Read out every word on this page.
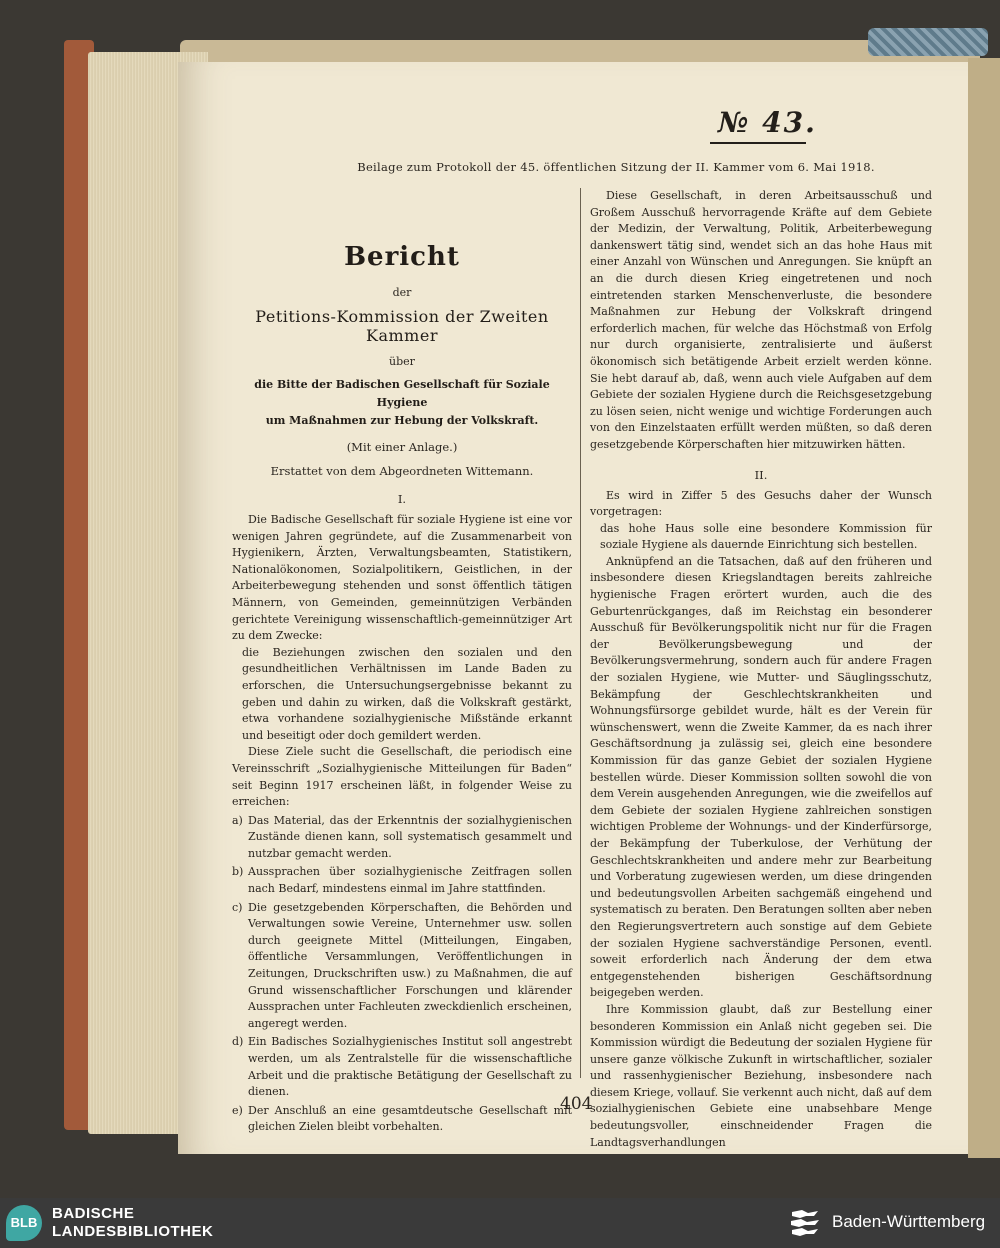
№ 43.
Beilage zum Protokoll der 45. öffentlichen Sitzung der II. Kammer vom 6. Mai 1918.
Bericht
der
Petitions-Kommission der Zweiten Kammer
über
die Bitte der Badischen Gesellschaft für Soziale Hygiene
um Maßnahmen zur Hebung der Volkskraft.
(Mit einer Anlage.)
Erstattet von dem Abgeordneten Wittemann.
I.

Die Badische Gesellschaft für soziale Hygiene ist eine vor wenigen Jahren gegründete, auf die Zusammenarbeit von Hygienikern, Ärzten, Verwaltungsbeamten, Statistikern, Nationalökonomen, Sozialpolitikern, Geistlichen, in der Arbeiterbewegung stehenden und sonst öffentlich tätigen Männern, von Gemeinden, gemeinnützigen Verbänden gerichtete Vereinigung wissenschaftlich-gemeinnütziger Art zu dem Zwecke:

die Beziehungen zwischen den sozialen und den gesundheitlichen Verhältnissen im Lande Baden zu erforschen, die Untersuchungsergebnisse bekannt zu geben und dahin zu wirken, daß die Volkskraft gestärkt, etwa vorhandene sozialhygienische Mißstände erkannt und beseitigt oder doch gemildert werden.

Diese Ziele sucht die Gesellschaft, die periodisch eine Vereinsschrift „Sozialhygienische Mitteilungen für Baden“ seit Beginn 1917 erscheinen läßt, in folgender Weise zu erreichen:

a) Das Material, das der Erkenntnis der sozialhygienischen Zustände dienen kann, soll systematisch gesammelt und nutzbar gemacht werden.

b) Aussprachen über sozialhygienische Zeitfragen sollen nach Bedarf, mindestens einmal im Jahre stattfinden.

c) Die gesetzgebenden Körperschaften, die Behörden und Verwaltungen sowie Vereine, Unternehmer usw. sollen durch geeignete Mittel (Mitteilungen, Eingaben, öffentliche Versammlungen, Veröffentlichungen in Zeitungen, Druckschriften usw.) zu Maßnahmen, die auf Grund wissenschaftlicher Forschungen und klärender Aussprachen unter Fachleuten zweckdienlich erscheinen, angeregt werden.

d) Ein Badisches Sozialhygienisches Institut soll angestrebt werden, um als Zentralstelle für die wissenschaftliche Arbeit und die praktische Betätigung der Gesellschaft zu dienen.

e) Der Anschluß an eine gesamtdeutsche Gesellschaft mit gleichen Zielen bleibt vorbehalten.

Diese Gesellschaft, in deren Arbeitsausschuß und Großem Ausschuß hervorragende Kräfte auf dem Gebiete der Medizin, der Verwaltung, Politik, Arbeiterbewegung dankenswert tätig sind, wendet sich an das hohe Haus mit einer Anzahl von Wünschen und Anregungen. Sie knüpft an an die durch diesen Krieg eingetretenen und noch eintretenden starken Menschenverluste, die besondere Maßnahmen zur Hebung der Volkskraft dringend erforderlich machen, für welche das Höchstmaß von Erfolg nur durch organisierte, zentralisierte und äußerst ökonomisch sich betätigende Arbeit erzielt werden könne. Sie hebt darauf ab, daß, wenn auch viele Aufgaben auf dem Gebiete der sozialen Hygiene durch die Reichsgesetzgebung zu lösen seien, nicht wenige und wichtige Forderungen auch von den Einzelstaaten erfüllt werden müßten, so daß deren gesetzgebende Körperschaften hier mitzuwirken hätten.

II.

Es wird in Ziffer 5 des Gesuchs daher der Wunsch vorgetragen:

das hohe Haus solle eine besondere Kommission für soziale Hygiene als dauernde Einrichtung sich bestellen.

Anknüpfend an die Tatsachen, daß auf den früheren und insbesondere diesen Kriegslandtagen bereits zahlreiche hygienische Fragen erörtert wurden, auch die des Geburtenrückganges, daß im Reichstag ein besonderer Ausschuß für Bevölkerungspolitik nicht nur für die Fragen der Bevölkerungsbewegung und der Bevölkerungsvermehrung, sondern auch für andere Fragen der sozialen Hygiene, wie Mutter- und Säuglingsschutz, Bekämpfung der Geschlechtskrankheiten und Wohnungsfürsorge gebildet wurde, hält es der Verein für wünschenswert, wenn die Zweite Kammer, da es nach ihrer Geschäftsordnung ja zulässig sei, gleich eine besondere Kommission für das ganze Gebiet der sozialen Hygiene bestellen würde. Dieser Kommission sollten sowohl die von dem Verein ausgehenden Anregungen, wie die zweifellos auf dem Gebiete der sozialen Hygiene zahlreichen sonstigen wichtigen Probleme der Wohnungs- und der Kinderfürsorge, der Bekämpfung der Tuberkulose, der Verhütung der Geschlechtskrankheiten und andere mehr zur Bearbeitung und Vorberatung zugewiesen werden, um diese dringenden und bedeutungsvollen Arbeiten sachgemäß eingehend und systematisch zu beraten. Den Beratungen sollten aber neben den Regierungsvertretern auch sonstige auf dem Gebiete der sozialen Hygiene sachverständige Personen, eventl. soweit erforderlich nach Änderung der dem etwa entgegenstehenden bisherigen Geschäftsordnung beigegeben werden.

Ihre Kommission glaubt, daß zur Bestellung einer besonderen Kommission ein Anlaß nicht gegeben sei. Die Kommission würdigt die Bedeutung der sozialen Hygiene für unsere ganze völkische Zukunft in wirtschaftlicher, sozialer und rassenhygienischer Beziehung, insbesondere nach diesem Kriege, vollauf. Sie verkennt auch nicht, daß auf dem sozialhygienischen Gebiete eine unabsehbare Menge bedeutungsvoller, einschneidender Fragen die Landtagsverhandlungen

404
BLB
BADISCHE
LANDESBIBLIOTHEK
Baden-Württemberg
